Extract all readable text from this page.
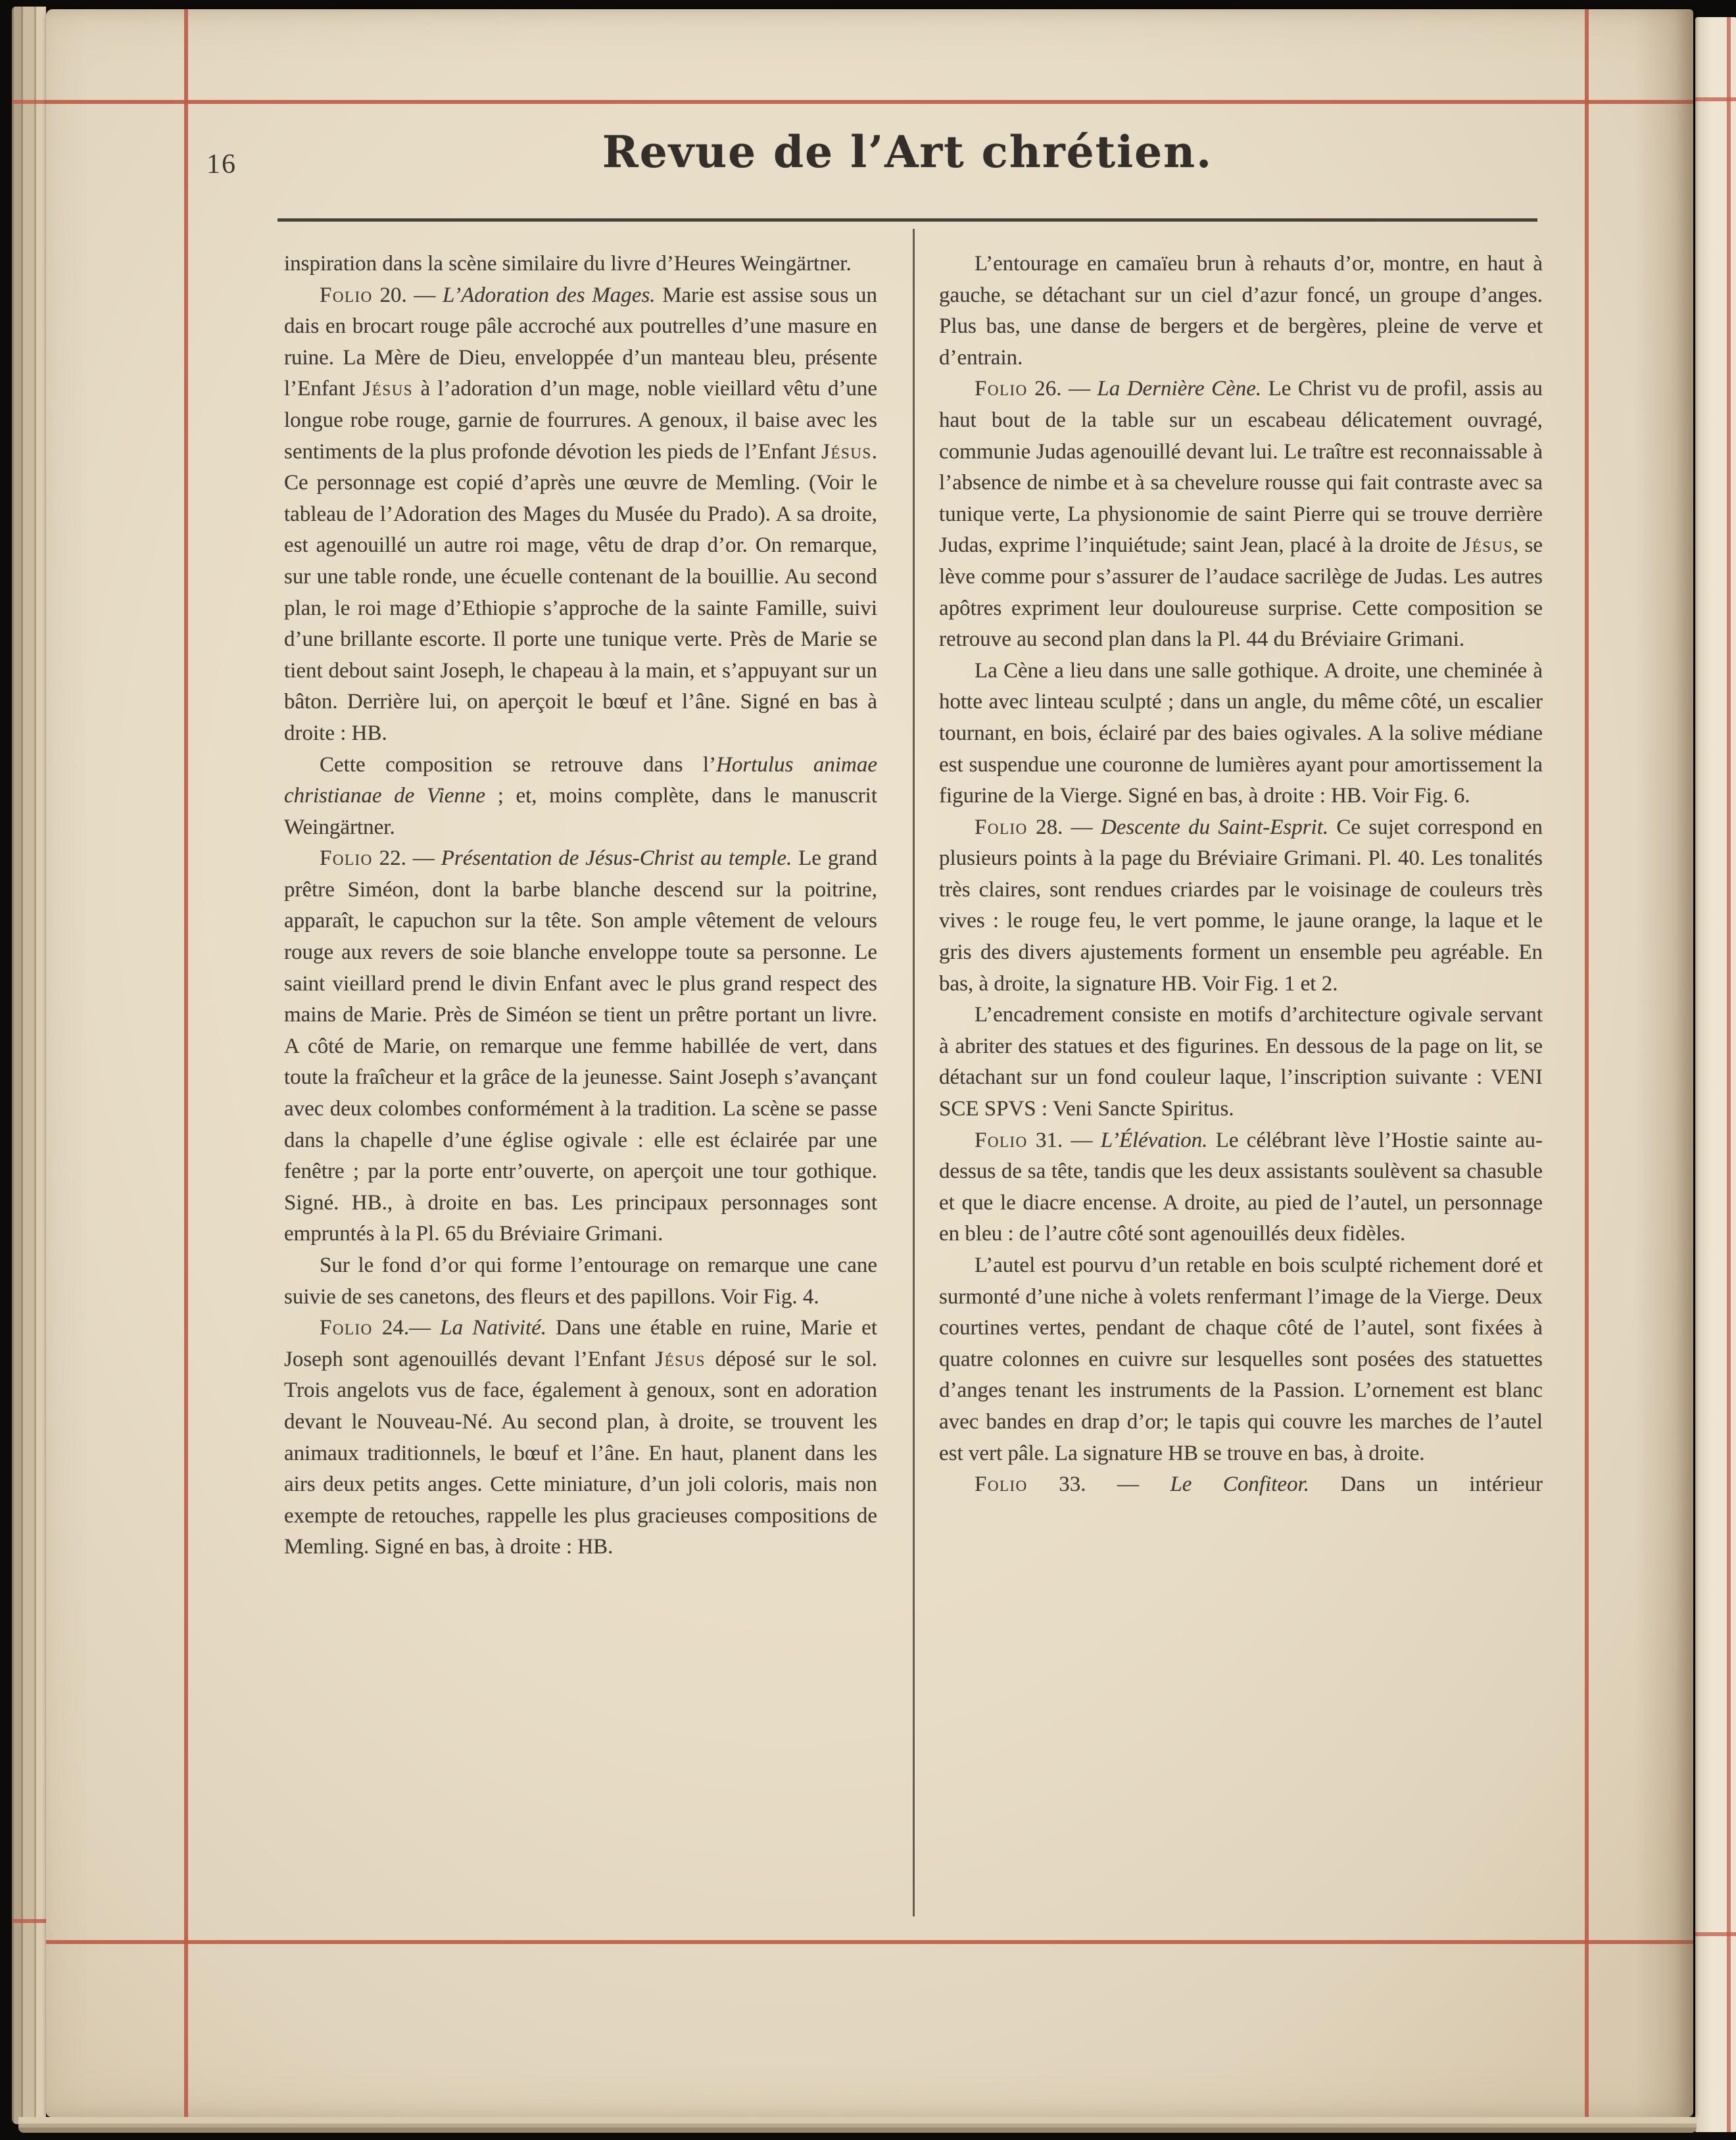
16	Revue de l’Art chrétien.

inspiration dans la scène similaire du livre d’Heures Weingärtner.

Folio 20. — L’Adoration des Mages. Marie est assise sous un dais en brocart rouge pâle accroché aux poutrelles d’une masure en ruine. La Mère de Dieu, enveloppée d’un manteau bleu, présente l’Enfant Jésus à l’adoration d’un mage, noble vieillard vêtu d’une longue robe rouge, garnie de fourrures. A genoux, il baise avec les sentiments de la plus profonde dévotion les pieds de l’Enfant Jésus. Ce personnage est copié d’après une œuvre de Memling. (Voir le tableau de l’Adoration des Mages du Musée du Prado). A sa droite, est agenouillé un autre roi mage, vêtu de drap d’or. On remarque, sur une table ronde, une écuelle contenant de la bouillie. Au second plan, le roi mage d’Ethiopie s’approche de la sainte Famille, suivi d’une brillante escorte. Il porte une tunique verte. Près de Marie se tient debout saint Joseph, le chapeau à la main, et s’appuyant sur un bâton. Derrière lui, on aperçoit le bœuf et l’âne. Signé en bas à droite : HB.

Cette composition se retrouve dans l’Hortulus animae christianae de Vienne ; et, moins complète, dans le manuscrit Weingärtner.

Folio 22. — Présentation de Jésus-Christ au temple. Le grand prêtre Siméon, dont la barbe blanche descend sur la poitrine, apparaît, le capuchon sur la tête. Son ample vêtement de velours rouge aux revers de soie blanche enveloppe toute sa personne. Le saint vieillard prend le divin Enfant avec le plus grand respect des mains de Marie. Près de Siméon se tient un prêtre portant un livre. A côté de Marie, on remarque une femme habillée de vert, dans toute la fraîcheur et la grâce de la jeunesse. Saint Joseph s’avançant avec deux colombes conformément à la tradition. La scène se passe dans la chapelle d’une église ogivale : elle est éclairée par une fenêtre ; par la porte entr’ouverte, on aperçoit une tour gothique. Signé. HB., à droite en bas. Les principaux personnages sont empruntés à la Pl. 65 du Bréviaire Grimani.

Sur le fond d’or qui forme l’entourage on remarque une cane suivie de ses canetons, des fleurs et des papillons. Voir Fig. 4.

Folio 24.— La Nativité. Dans une étable en ruine, Marie et Joseph sont agenouillés devant l’Enfant Jésus déposé sur le sol. Trois angelots vus de face, également à genoux, sont en adoration devant le Nouveau-Né. Au second plan, à droite, se trouvent les animaux traditionnels, le bœuf et l’âne. En haut, planent dans les airs deux petits anges. Cette miniature, d’un joli coloris, mais non exempte de retouches, rappelle les plus gracieuses compositions de Memling. Signé en bas, à droite : HB.

L’entourage en camaïeu brun à rehauts d’or, montre, en haut à gauche, se détachant sur un ciel d’azur foncé, un groupe d’anges. Plus bas, une danse de bergers et de bergères, pleine de verve et d’entrain.

Folio 26. — La Dernière Cène. Le Christ vu de profil, assis au haut bout de la table sur un escabeau délicatement ouvragé, communie Judas agenouillé devant lui. Le traître est reconnaissable à l’absence de nimbe et à sa chevelure rousse qui fait contraste avec sa tunique verte, La physionomie de saint Pierre qui se trouve derrière Judas, exprime l’inquiétude; saint Jean, placé à la droite de Jésus, se lève comme pour s’assurer de l’audace sacrilège de Judas. Les autres apôtres expriment leur douloureuse surprise. Cette composition se retrouve au second plan dans la Pl. 44 du Bréviaire Grimani.

La Cène a lieu dans une salle gothique. A droite, une cheminée à hotte avec linteau sculpté ; dans un angle, du même côté, un escalier tournant, en bois, éclairé par des baies ogivales. A la solive médiane est suspendue une couronne de lumières ayant pour amortissement la figurine de la Vierge. Signé en bas, à droite : HB. Voir Fig. 6.

Folio 28. — Descente du Saint-Esprit. Ce sujet correspond en plusieurs points à la page du Bréviaire Grimani. Pl. 40. Les tonalités très claires, sont rendues criardes par le voisinage de couleurs très vives : le rouge feu, le vert pomme, le jaune orange, la laque et le gris des divers ajustements forment un ensemble peu agréable. En bas, à droite, la signature HB. Voir Fig. 1 et 2.

L’encadrement consiste en motifs d’architecture ogivale servant à abriter des statues et des figurines. En dessous de la page on lit, se détachant sur un fond couleur laque, l’inscription suivante : VENI SCE SPVS : Veni Sancte Spiritus.

Folio 31. — L’Élévation. Le célébrant lève l’Hostie sainte au-dessus de sa tête, tandis que les deux assistants soulèvent sa chasuble et que le diacre encense. A droite, au pied de l’autel, un personnage en bleu : de l’autre côté sont agenouillés deux fidèles.

L’autel est pourvu d’un retable en bois sculpté richement doré et surmonté d’une niche à volets renfermant l’image de la Vierge. Deux courtines vertes, pendant de chaque côté de l’autel, sont fixées à quatre colonnes en cuivre sur lesquelles sont posées des statuettes d’anges tenant les instruments de la Passion. L’ornement est blanc avec bandes en drap d’or; le tapis qui couvre les marches de l’autel est vert pâle. La signature HB se trouve en bas, à droite.

Folio 33. — Le Confiteor. Dans un intérieur
